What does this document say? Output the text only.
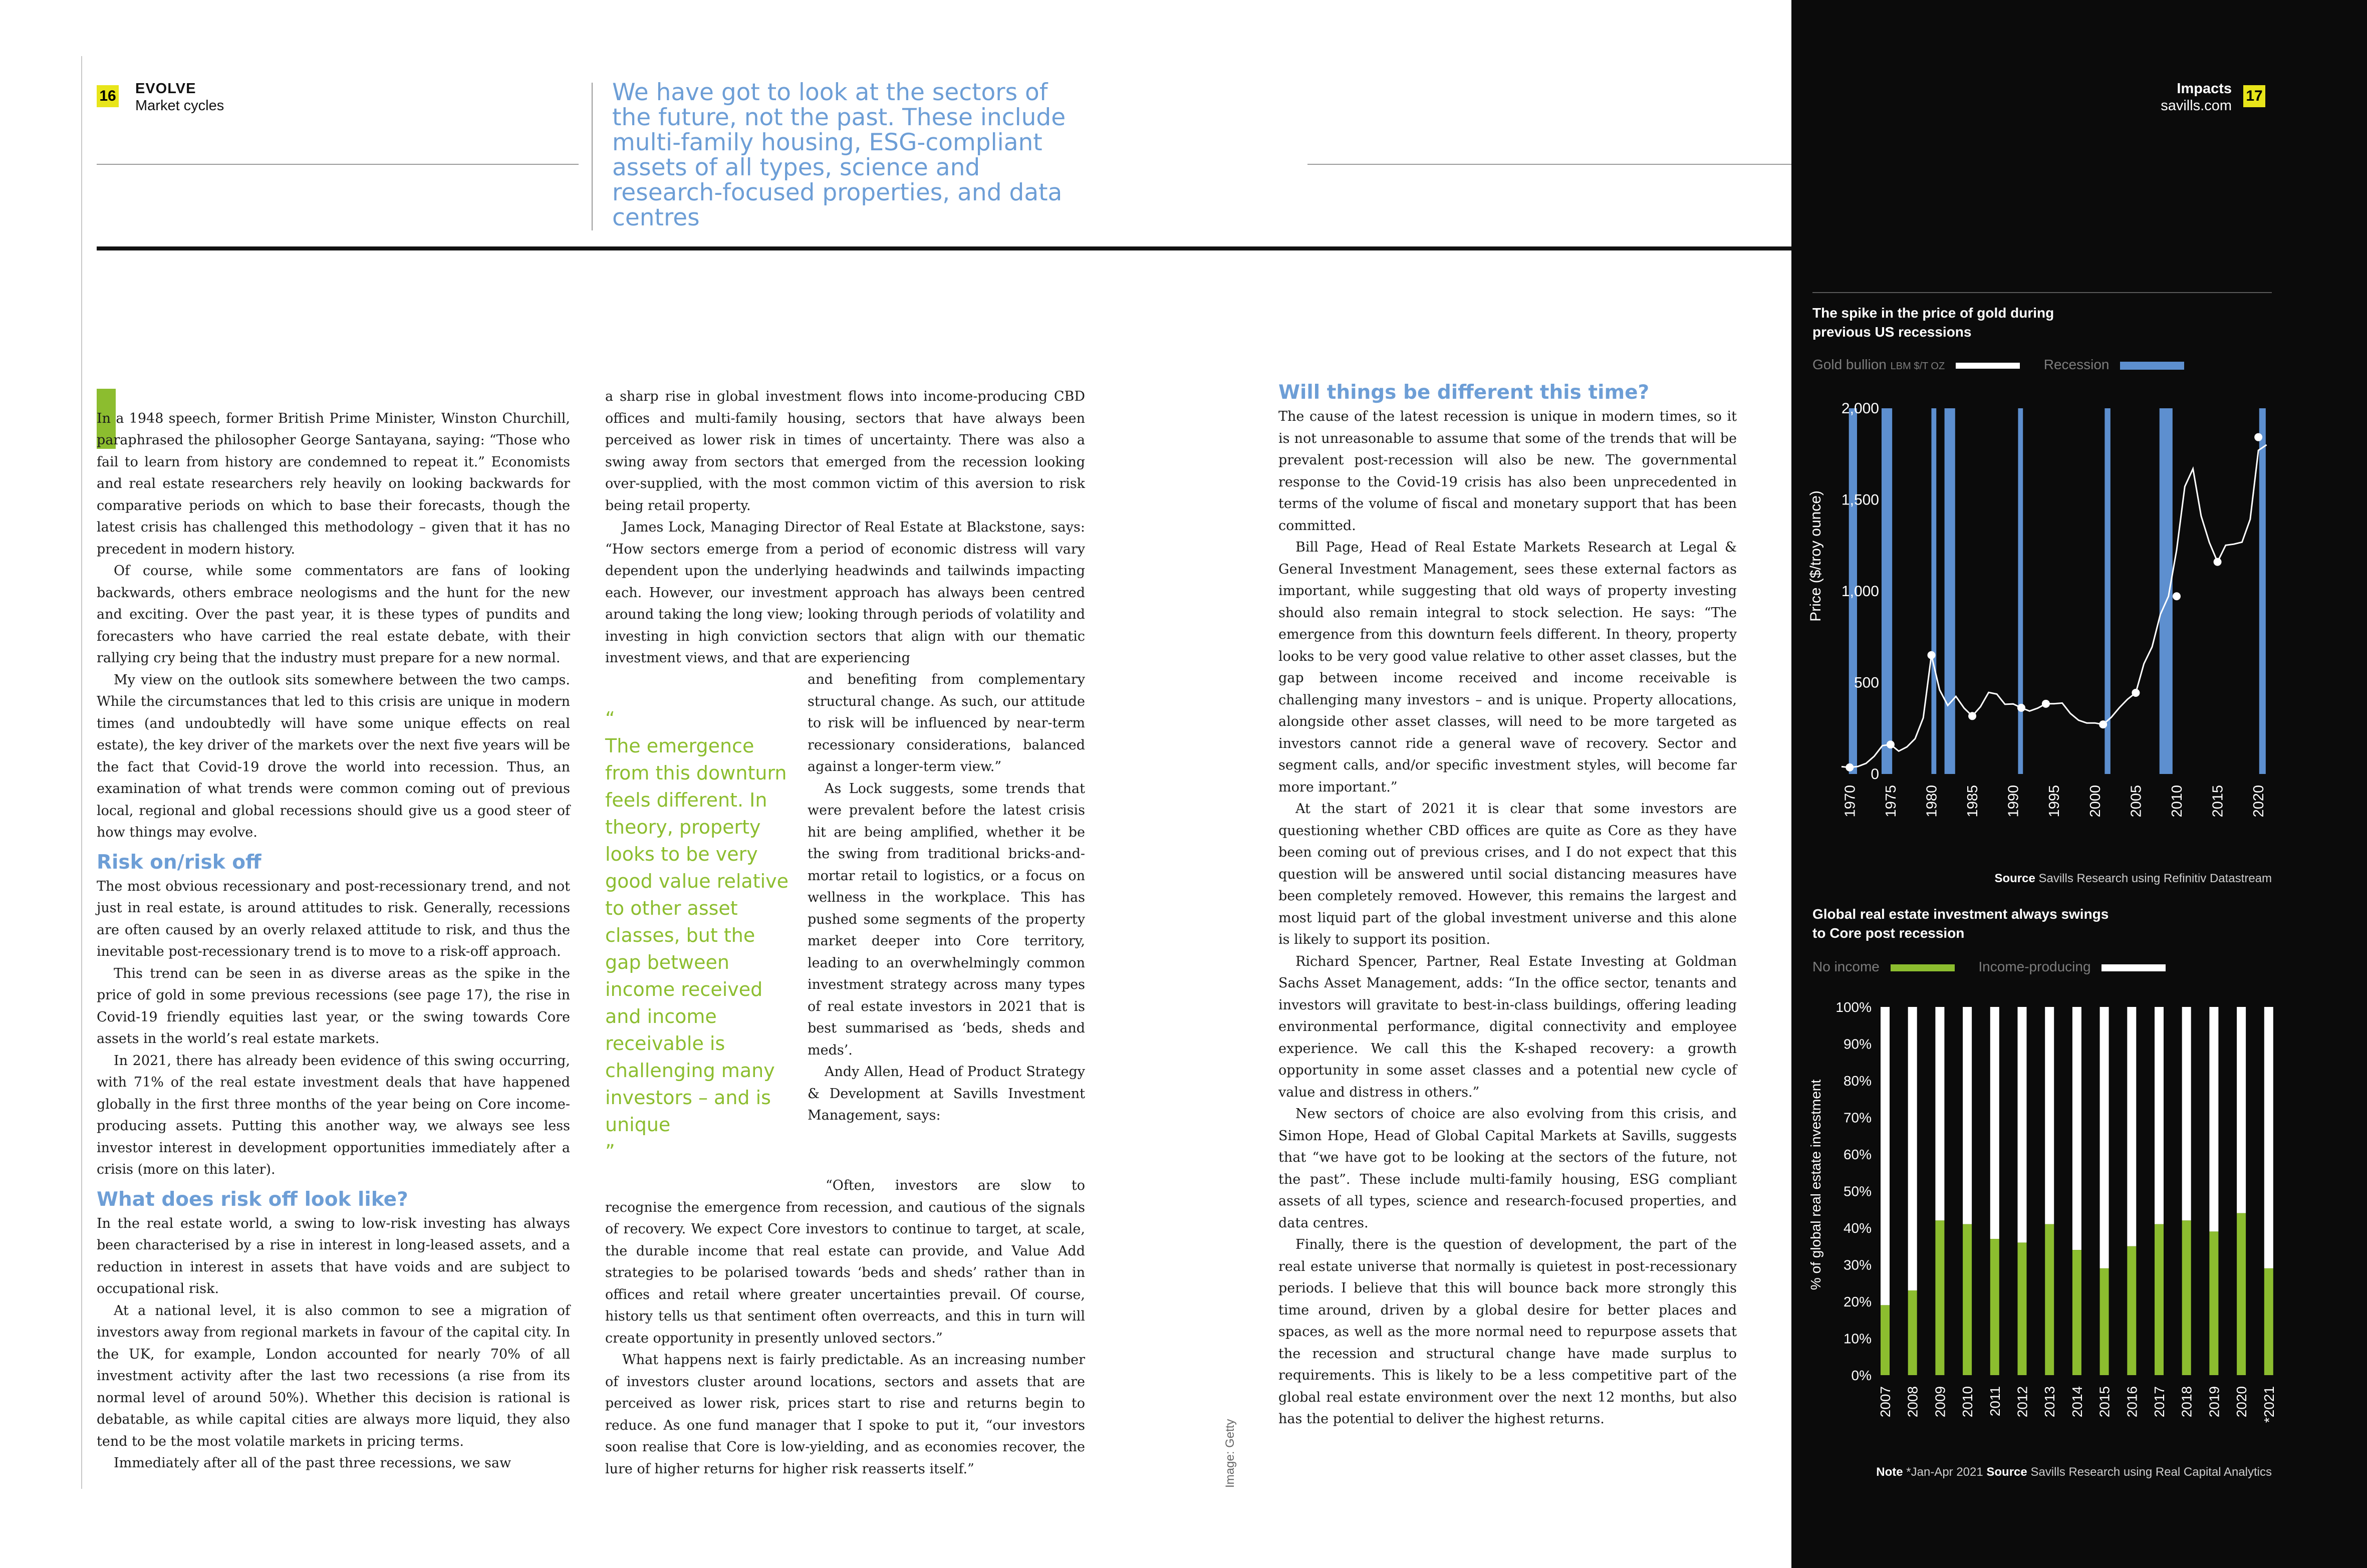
16 EVOLVE
Market cycles	We have got to look at the sectors of the future, not the past. These include multi-family housing, ESG-compliant assets of all types, science and research-focused properties, and data centres

In a 1948 speech, former British Prime Minister, Winston Churchill, paraphrased the philosopher George Santayana, saying: “Those who fail to learn from history are condemned to repeat it.” Economists and real estate researchers rely heavily on looking backwards for comparative periods on which to base their forecasts, though the latest crisis has challenged this methodology – given that it has no precedent in modern history.

Of course, while some commentators are fans of looking backwards, others embrace neologisms and the hunt for the new and exciting. Over the past year, it is these types of pundits and forecasters who have carried the real estate debate, with their rallying cry being that the industry must prepare for a new normal.

My view on the outlook sits somewhere between the two camps. While the circumstances that led to this crisis are unique in modern times (and undoubtedly will have some unique effects on real estate), the key driver of the markets over the next five years will be the fact that Covid-19 drove the world into recession. Thus, an examination of what trends were common coming out of previous local, regional and global recessions should give us a good steer of how things may evolve.

Risk on/risk off

The most obvious recessionary and post-recessionary trend, and not just in real estate, is around attitudes to risk. Generally, recessions are often caused by an overly relaxed attitude to risk, and thus the inevitable post-recessionary trend is to move to a risk-off approach.

This trend can be seen in as diverse areas as the spike in the price of gold in some previous recessions (see page 17), the rise in Covid-19 friendly equities last year, or the swing towards Core assets in the world’s real estate markets.

In 2021, there has already been evidence of this swing occurring, with 71% of the real estate investment deals that have happened globally in the first three months of the year being on Core income-producing assets. Putting this another way, we always see less investor interest in development opportunities immediately after a crisis (more on this later).

What does risk off look like?

In the real estate world, a swing to low-risk investing has always been characterised by a rise in interest in long-leased assets, and a reduction in interest in assets that have voids and are subject to occupational risk.

At a national level, it is also common to see a migration of investors away from regional markets in favour of the capital city. In the UK, for example, London accounted for nearly 70% of all investment activity after the last two recessions (a rise from its normal level of around 50%). Whether this decision is rational is debatable, as while capital cities are always more liquid, they also tend to be the most volatile markets in pricing terms.

Immediately after all of the past three recessions, we saw

a sharp rise in global investment flows into income-producing CBD offices and multi-family housing, sectors that have always been perceived as lower risk in times of uncertainty. There was also a swing away from sectors that emerged from the recession looking over-supplied, with the most common victim of this aversion to risk being retail property.

James Lock, Managing Director of Real Estate at Blackstone, says: “How sectors emerge from a period of economic distress will vary dependent upon the underlying headwinds and tailwinds impacting each. However, our investment approach has always been centred around taking the long view; looking through periods of volatility and investing in high conviction sectors that align with our thematic investment views, and that are experiencing

“
The emergence from this downturn feels different. In theory, property looks to be very good value relative to other asset classes, but the gap between income received and income receivable is challenging many investors – and is unique
”

and benefiting from complementary structural change. As such, our attitude to risk will be influenced by near-term recessionary considerations, balanced against a longer-term view.”

As Lock suggests, some trends that were prevalent before the latest crisis hit are being amplified, whether it be the swing from traditional bricks-and-mortar retail to logistics, or a focus on wellness in the workplace. This has pushed some segments of the property market deeper into Core territory, leading to an overwhelmingly common investment strategy across many types of real estate investors in 2021 that is best summarised as ‘beds, sheds and meds’.

Andy Allen, Head of Product Strategy & Development at Savills Investment Management, says:

“Often, investors are slow to recognise the emergence from recession, and cautious of the signals of recovery. We expect Core investors to continue to target, at scale, the durable income that real estate can provide, and Value Add strategies to be polarised towards ‘beds and sheds’ rather than in offices and retail where greater uncertainties prevail. Of course, history tells us that sentiment often overreacts, and this in turn will create opportunity in presently unloved sectors.”

What happens next is fairly predictable. As an increasing number of investors cluster around locations, sectors and assets that are perceived as lower risk, prices start to rise and returns begin to reduce. As one fund manager that I spoke to put it, “our investors soon realise that Core is low-yielding, and as economies recover, the lure of higher returns for higher risk reasserts itself.”	Image: Getty
Will things be different this time?

The cause of the latest recession is unique in modern times, so it is not unreasonable to assume that some of the trends that will be prevalent post-recession will also be new. The governmental response to the Covid-19 crisis has also been unprecedented in terms of the volume of fiscal and monetary support that has been committed.

Bill Page, Head of Real Estate Markets Research at Legal & General Investment Management, sees these external factors as important, while suggesting that old ways of property investing should also remain integral to stock selection. He says: “The emergence from this downturn feels different. In theory, property looks to be very good value relative to other asset classes, but the gap between income received and income receivable is challenging many investors – and is unique. Property allocations, alongside other asset classes, will need to be more targeted as investors cannot ride a general wave of recovery. Sector and segment calls, and/or specific investment styles, will become far more important.”

At the start of 2021 it is clear that some investors are questioning whether CBD offices are quite as Core as they have been coming out of previous crises, and I do not expect that this question will be answered until social distancing measures have been completely removed. However, this remains the largest and most liquid part of the global investment universe and this alone is likely to support its position.

Richard Spencer, Partner, Real Estate Investing at Goldman Sachs Asset Management, adds: “In the office sector, tenants and investors will gravitate to best-in-class buildings, offering leading environmental performance, digital connectivity and employee experience. We call this the K-shaped recovery: a growth opportunity in some asset classes and a potential new cycle of value and distress in others.”

New sectors of choice are also evolving from this crisis, and Simon Hope, Head of Global Capital Markets at Savills, suggests that “we have got to be looking at the sectors of the future, not the past”. These include multi-family housing, ESG compliant assets of all types, science and research-focused properties, and data centres.

Finally, there is the question of development, the part of the real estate universe that normally is quietest in post-recessionary periods. I believe that this will bounce back more strongly this time around, driven by a global desire for better places and spaces, as well as the more normal need to repurpose assets that the recession and structural change have made surplus to requirements. This is likely to be a less competitive part of the global real estate environment over the next 12 months, but also has the potential to deliver the highest returns.

Impacts
savills.com
17
The spike in the price of gold during previous US recessions
Gold bullion LBM $/T OZ	Recession
0
500
1,000
1,500
2,000
1970 1975 1980 1985 1990 1995 2000 2005 2010 2015 2020
Price ($/troy ounce)
Source Savills Research using Refinitiv Datastream
Global real estate investment always swings to Core post recession
No income	Income-producing
0%
10%
20%
30%
40%
50%
60%
70%
80%
90%
100%
2007 2008 2009 2010 2011 2012 2013 2014 2015 2016 2017 2018 2019 2020 *2021
% of global real estate investment
Note *Jan-Apr 2021 Source Savills Research using Real Capital Analytics
